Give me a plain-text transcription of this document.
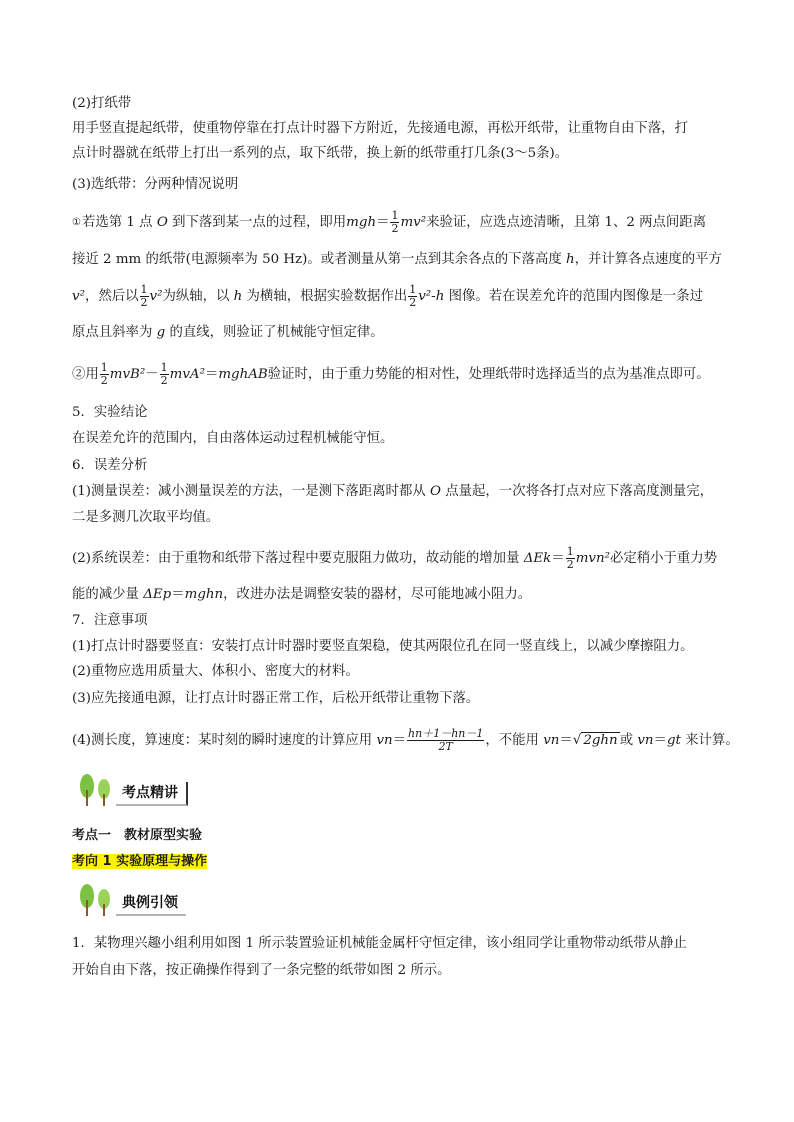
(2)打纸带
用手竖直提起纸带，使重物停靠在打点计时器下方附近，先接通电源，再松开纸带，让重物自由下落，打
点计时器就在纸带上打出一系列的点，取下纸带，换上新的纸带重打几条(3～5条)。
(3)选纸带：分两种情况说明
①若选第 1 点 O 到下落到某一点的过程，即用$mgh= \frac{1}{2} mv^2$来验证，应选点迹清晰，且第 1、2 两点间距离
接近 2 mm 的纸带(电源频率为 50 Hz)。或者测量从第一点到其余各点的下落高度 h，并计算各点速度的平方
v²，然后以 $\frac{1}{2} v^2$为纵轴，以 h 为横轴，根据实验数据作出 $\frac{1}{2} v^2-h$ 图像。若在误差允许的范围内图像是一条过
原点且斜率为 g 的直线，则验证了机械能守恒定律。
②用 $\frac{1}{2} mvB^2- \frac{1}{2}$ mvA²＝mghAB验证时，由于重力势能的相对性，处理纸带时选择适当的点为基准点即可。
5．实验结论
在误差允许的范围内，自由落体运动过程机械能守恒。
6．误差分析
(1)测量误差：减小测量误差的方法，一是测下落距离时都从 O 点量起，一次将各打点对应下落高度测量完，
二是多测几次取平均值。
(2)系统误差：由于重物和纸带下落过程中要克服阻力做功，故动能的增加量 $\Delta Ek= \frac{1}{2} mvn^2$必定稍小于重力势
能的减少量 ΔEp＝mghn，改进办法是调整安装的器材，尽可能地减小阻力。
7．注意事项
(1)打点计时器要竖直：安装打点计时器时要竖直架稳，使其两限位孔在同一竖直线上，以减少摩擦阻力。
(2)重物应选用质量大、体积小、密度大的材料。
(3)应先接通电源，让打点计时器正常工作，后松开纸带让重物下落。
(4)测长度，算速度：某时刻的瞬时速度的计算应用 $vn= \frac{hn+1-hn-1}{2T}$ ，不能用 vn＝√ 2ghn 或 vn＝gt 来计算。
考点精讲
考点一　教材原型实验
考向 1 实验原理与操作
典例引领
1．某物理兴趣小组利用如图 1 所示装置验证机械能金属杆守恒定律，该小组同学让重物带动纸带从静止
开始自由下落，按正确操作得到了一条完整的纸带如图 2 所示。
